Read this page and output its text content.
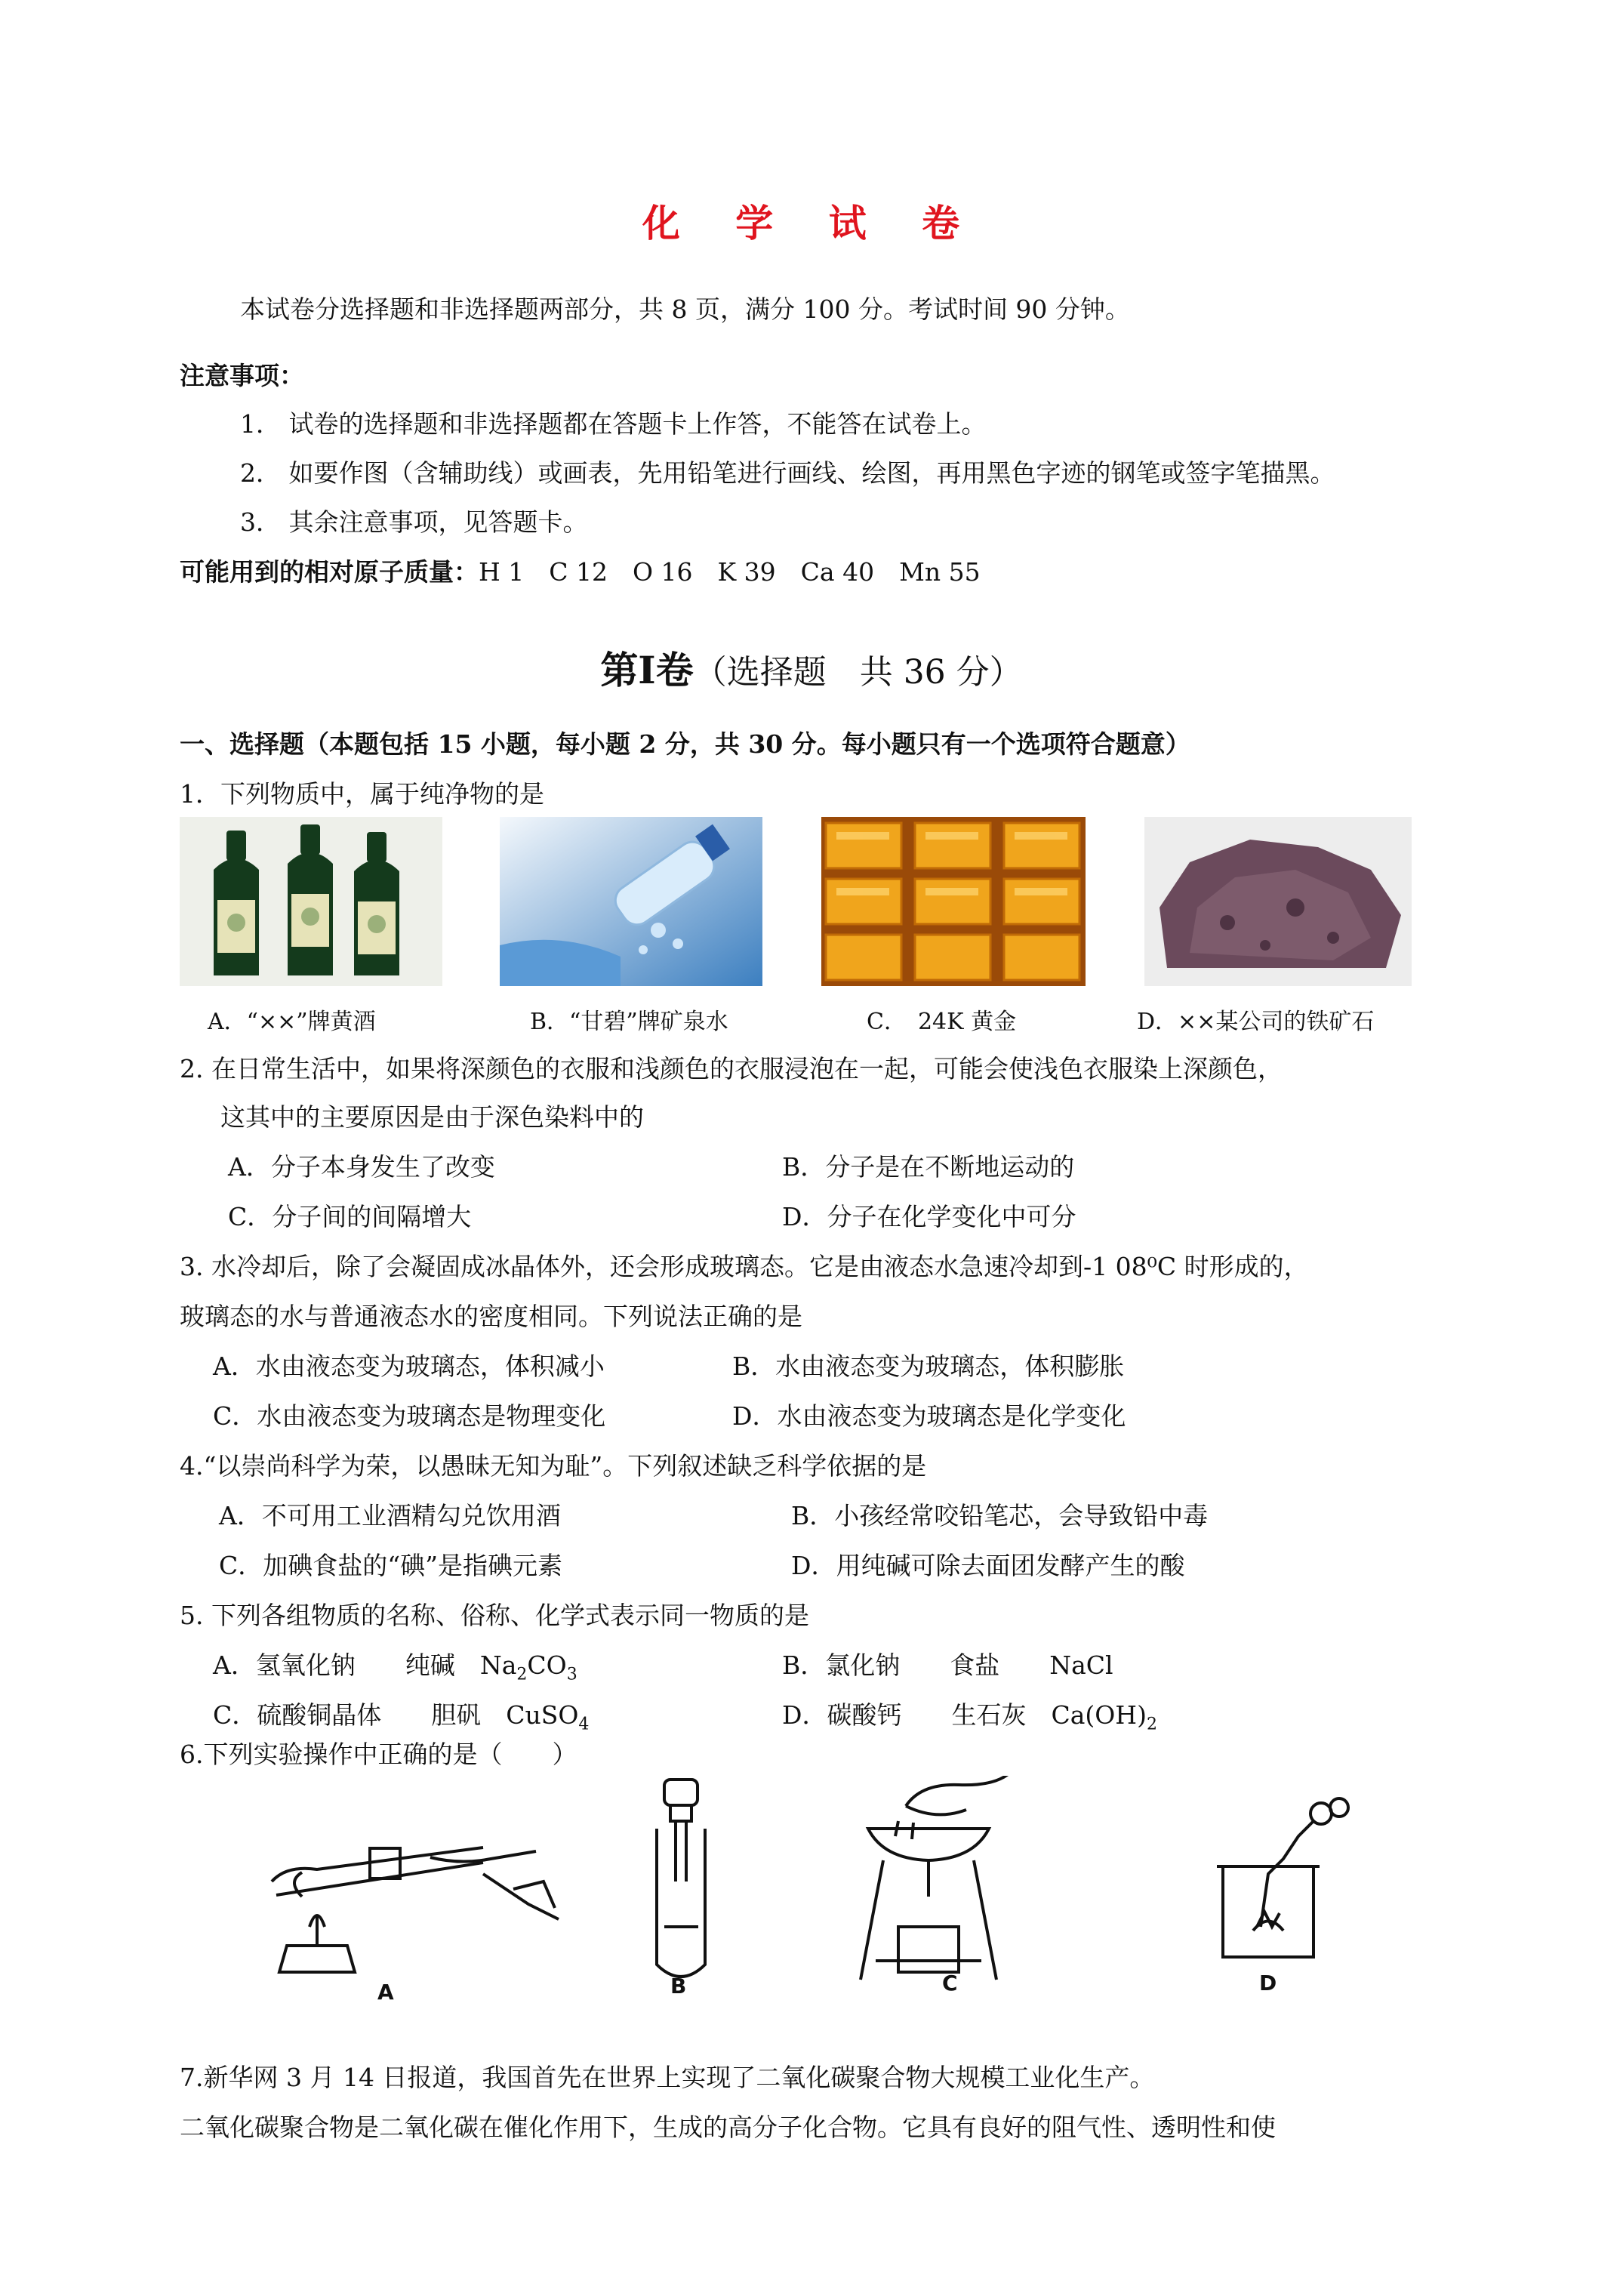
化 学 试 卷
本试卷分选择题和非选择题两部分，共 8 页，满分 100 分。考试时间 90 分钟。
注意事项：
1． 试卷的选择题和非选择题都在答题卡上作答，不能答在试卷上。
2． 如要作图（含辅助线）或画表，先用铅笔进行画线、绘图，再用黑色字迹的钢笔或签字笔描黑。
3． 其余注意事项，见答题卡。
可能用到的相对原子质量：H 1　C 12　O 16　K 39　Ca 40　Mn 55
第Ⅰ卷（选择题　共 36 分）
一、选择题（本题包括 15 小题，每小题 2 分，共 30 分。每小题只有一个选项符合题意）
1．下列物质中，属于纯净物的是
A．“××”牌黄酒	B．“甘碧”牌矿泉水	C．　24K 黄金	D．××某公司的铁矿石
2. 在日常生活中，如果将深颜色的衣服和浅颜色的衣服浸泡在一起，可能会使浅色衣服染上深颜色，
这其中的主要原因是由于深色染料中的
A．分子本身发生了改变	B．分子是在不断地运动的
C．分子间的间隔增大	D．分子在化学变化中可分
3. 水冷却后，除了会凝固成冰晶体外，还会形成玻璃态。它是由液态水急速冷却到-1 08⁰C 时形成的，
玻璃态的水与普通液态水的密度相同。下列说法正确的是
A．水由液态变为玻璃态，体积减小	B．水由液态变为玻璃态，体积膨胀
C．水由液态变为玻璃态是物理变化	D．水由液态变为玻璃态是化学变化
4.“以崇尚科学为荣，以愚昧无知为耻”。下列叙述缺乏科学依据的是
A．不可用工业酒精勾兑饮用酒	B．小孩经常咬铅笔芯，会导致铅中毒
C．加碘食盐的“碘”是指碘元素	D．用纯碱可除去面团发酵产生的酸
5. 下列各组物质的名称、俗称、化学式表示同一物质的是
A．氢氧化钠　　纯碱　$Na_2CO_3$	B．氯化钠　　食盐　　NaCl
C．硫酸铜晶体　　胆矾　CuSO$_4$	D．碳酸钙　　生石灰　$Ca(OH)_2$
6.下列实验操作中正确的是（　　）
A	B	C	D
7.新华网 3 月 14 日报道，我国首先在世界上实现了二氧化碳聚合物大规模工业化生产。
二氧化碳聚合物是二氧化碳在催化作用下，生成的高分子化合物。它具有良好的阻气性、透明性和使
